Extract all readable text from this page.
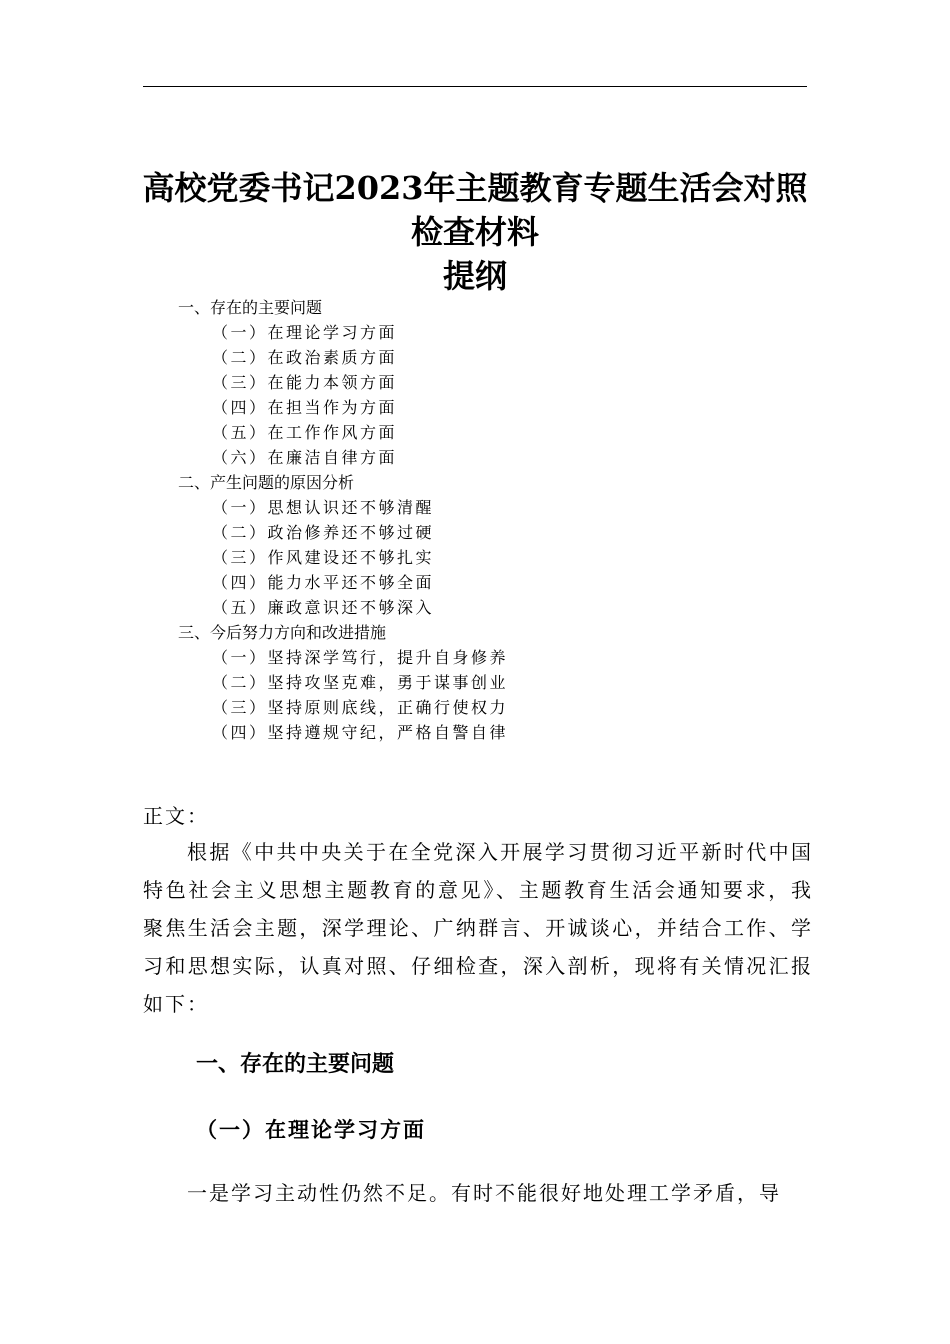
高校党委书记2023年主题教育专题生活会对照
检查材料
提纲
一、存在的主要问题
（一）在理论学习方面
（二）在政治素质方面
（三）在能力本领方面
（四）在担当作为方面
（五）在工作作风方面
（六）在廉洁自律方面
二、产生问题的原因分析
（一）思想认识还不够清醒
（二）政治修养还不够过硬
（三）作风建设还不够扎实
（四）能力水平还不够全面
（五）廉政意识还不够深入
三、今后努力方向和改进措施
（一）坚持深学笃行，提升自身修养
（二）坚持攻坚克难，勇于谋事创业
（三）坚持原则底线，正确行使权力
（四）坚持遵规守纪，严格自警自律

正文：

根据《中共中央关于在全党深入开展学习贯彻习近平新时代中国特色社会主义思想主题教育的意见》、主题教育生活会通知要求，我聚焦生活会主题，深学理论、广纳群言、开诚谈心，并结合工作、学习和思想实际，认真对照、仔细检查，深入剖析，现将有关情况汇报如下：

一、存在的主要问题
（一）在理论学习方面

一是学习主动性仍然不足。有时不能很好地处理工学矛盾，导
